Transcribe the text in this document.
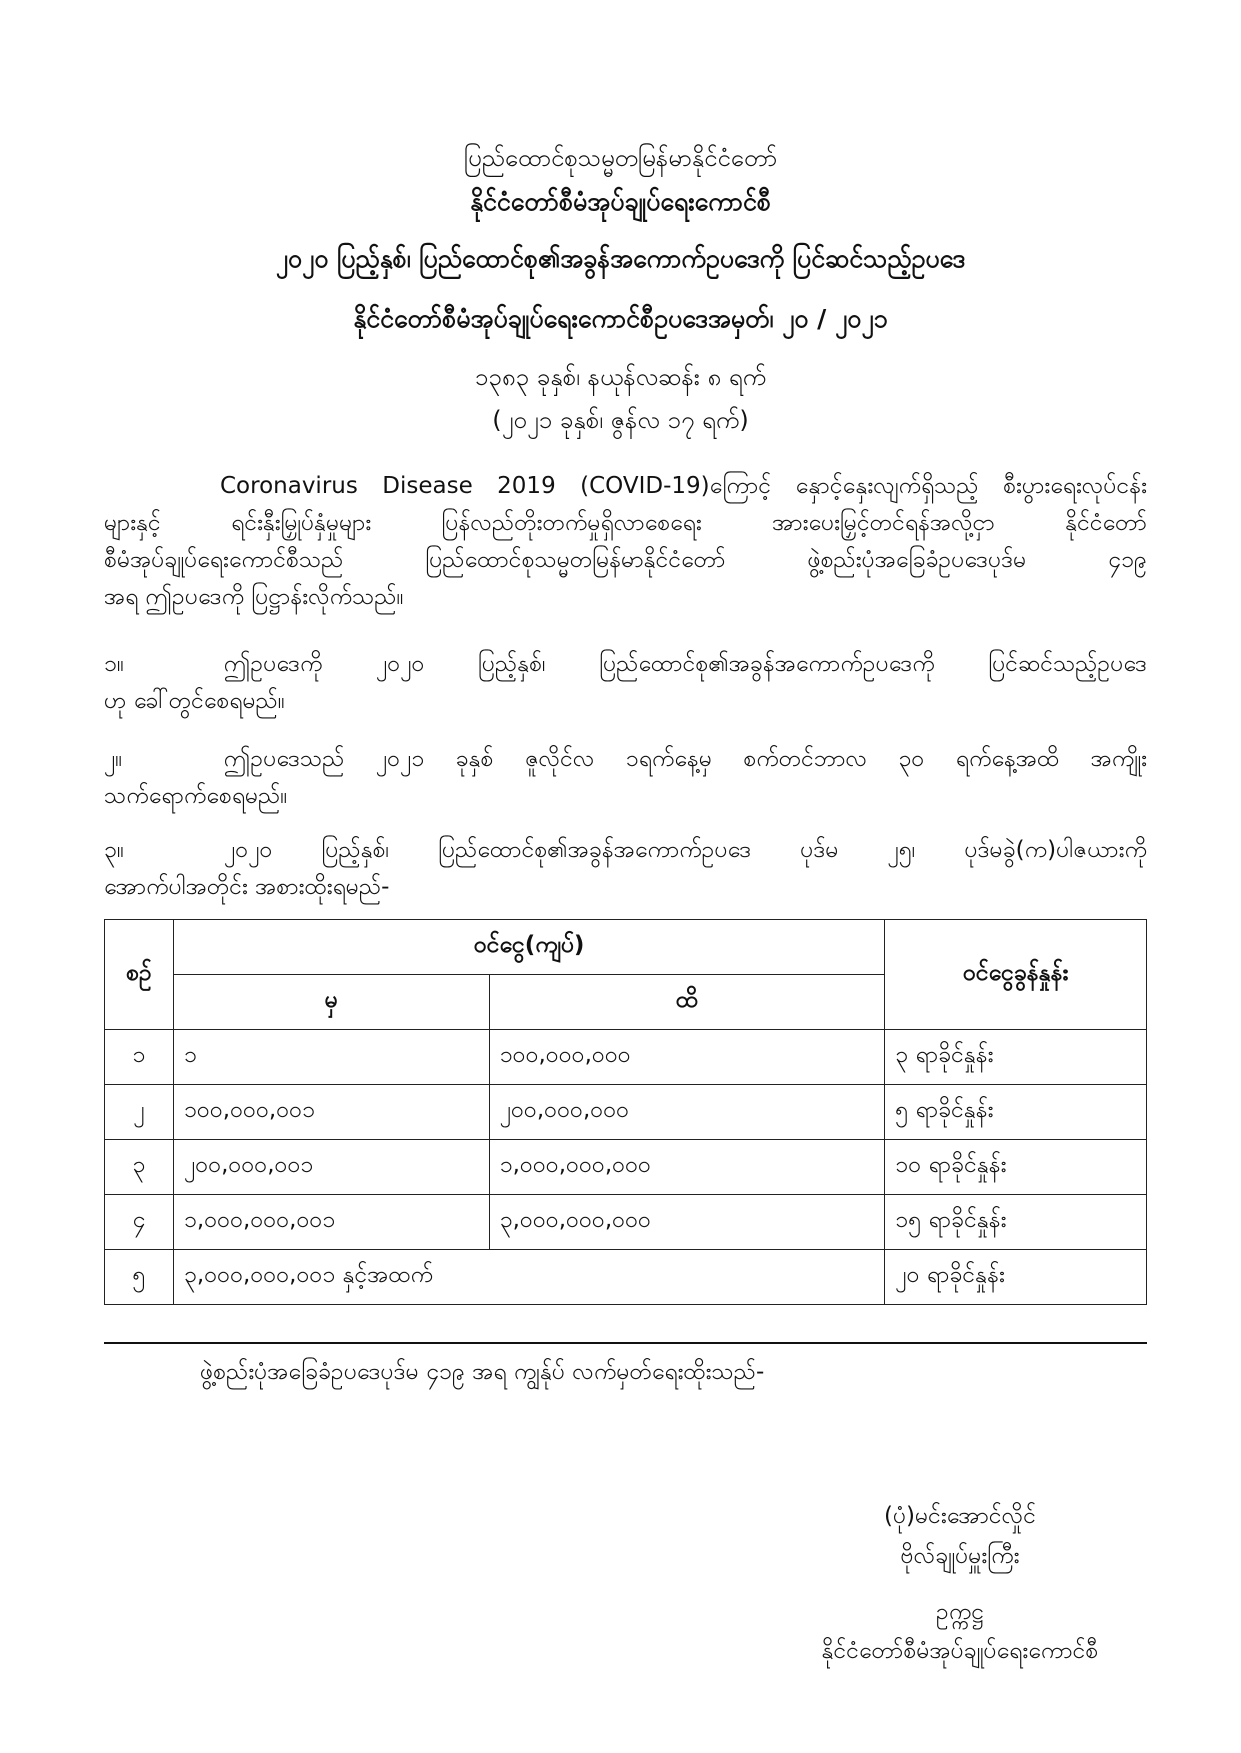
ပြည်ထောင်စုသမ္မတမြန်မာနိုင်ငံတော်
နိုင်ငံတော်စီမံအုပ်ချုပ်ရေးကောင်စီ
၂၀၂၀ ပြည့်နှစ်၊ ပြည်ထောင်စု၏အခွန်အကောက်ဥပဒေကို ပြင်ဆင်သည့်ဥပဒေ
နိုင်ငံတော်စီမံအုပ်ချုပ်ရေးကောင်စီဥပဒေအမှတ်၊ ၂၀ / ၂၀၂၁
၁၃၈၃ ခုနှစ်၊ နယုန်လဆန်း ၈ ရက်
(၂၀၂၁ ခုနှစ်၊ ဇွန်လ ၁၇ ရက်)
Coronavirus Disease 2019 (COVID-19)ကြောင့် နှောင့်နှေးလျက်ရှိသည့် စီးပွားရေးလုပ်ငန်း
များနှင့် ရင်းနှီးမြှုပ်နှံမှုများ ပြန်လည်တိုးတက်မှုရှိလာစေရေး အားပေးမြှင့်တင်ရန်အလို့ငှာ နိုင်ငံတော်
စီမံအုပ်ချုပ်ရေးကောင်စီသည် ပြည်ထောင်စုသမ္မတမြန်မာနိုင်ငံတော် ဖွဲ့စည်းပုံအခြေခံဥပဒေပုဒ်မ ၄၁၉
အရ ဤဥပဒေကို ပြဋ္ဌာန်းလိုက်သည်။
၁။	ဤဥပဒေကို ၂၀၂၀ ပြည့်နှစ်၊ ပြည်ထောင်စု၏အခွန်အကောက်ဥပဒေကို ပြင်ဆင်သည့်ဥပဒေ
ဟု ခေါ်တွင်စေရမည်။
၂။	ဤဥပဒေသည် ၂၀၂၁ ခုနှစ် ဇူလိုင်လ ၁ရက်နေ့မှ စက်တင်ဘာလ ၃၀ ရက်နေ့အထိ အကျိုး
သက်ရောက်စေရမည်။
၃။	၂၀၂၀ ပြည့်နှစ်၊ ပြည်ထောင်စု၏အခွန်အကောက်ဥပဒေ ပုဒ်မ ၂၅၊ ပုဒ်မခွဲ(က)ပါဇယားကို
အောက်ပါအတိုင်း အစားထိုးရမည်-
စဉ်	ဝင်ငွေ(ကျပ်)		ဝင်ငွေခွန်နှုန်း
	မှ	ထိ	
၁	၁	၁၀၀,၀၀၀,၀၀၀	၃ ရာခိုင်နှုန်း
၂	၁၀၀,၀၀၀,၀၀၁	၂၀၀,၀၀၀,၀၀၀	၅ ရာခိုင်နှုန်း
၃	၂၀၀,၀၀၀,၀၀၁	၁,၀၀၀,၀၀၀,၀၀၀	၁၀ ရာခိုင်နှုန်း
၄	၁,၀၀၀,၀၀၀,၀၀၁	၃,၀၀၀,၀၀၀,၀၀၀	၁၅ ရာခိုင်နှုန်း
၅	၃,၀၀၀,၀၀၀,၀၀၁ နှင့်အထက်		၂၀ ရာခိုင်နှုန်း
ဖွဲ့စည်းပုံအခြေခံဥပဒေပုဒ်မ ၄၁၉ အရ ကျွန်ုပ် လက်မှတ်ရေးထိုးသည်-
(ပုံ)မင်းအောင်လှိုင်
ဗိုလ်ချုပ်မှူးကြီး
ဥက္ကဋ္ဌ
နိုင်ငံတော်စီမံအုပ်ချုပ်ရေးကောင်စီ
